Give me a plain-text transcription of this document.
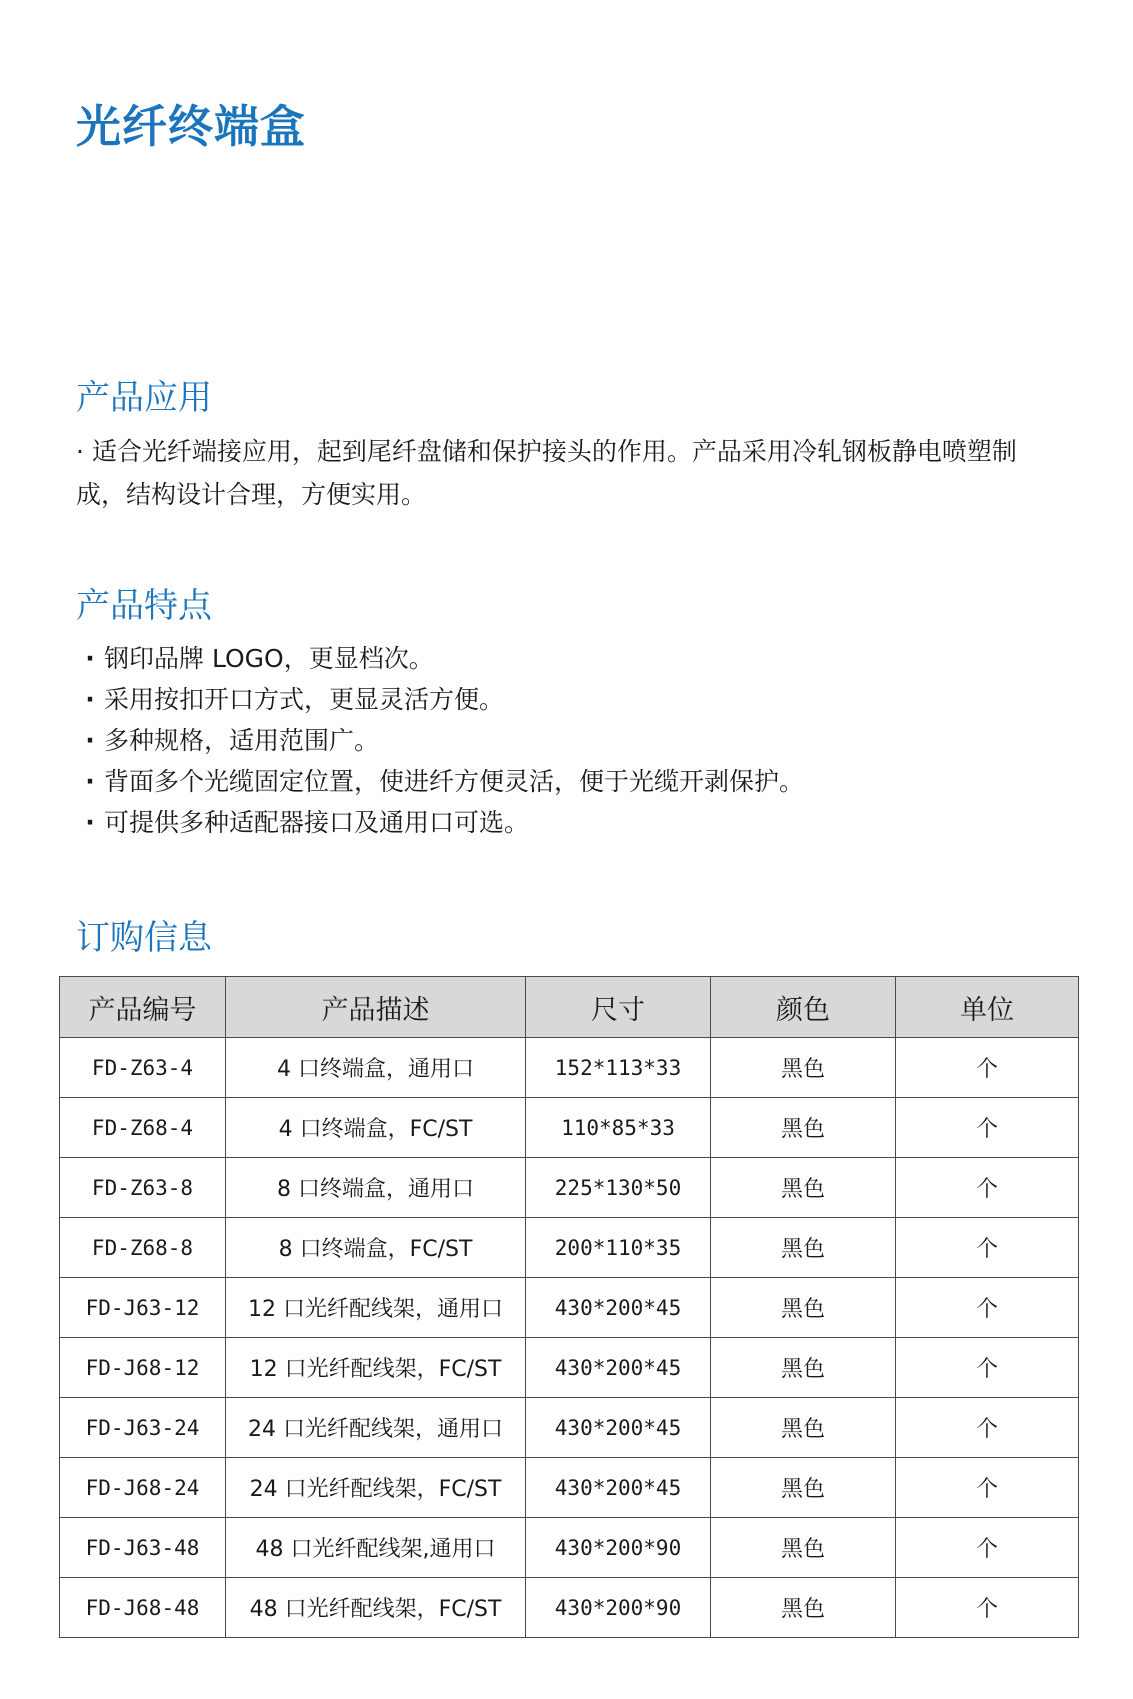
光纤终端盒
产品应用

· 适合光纤端接应用，起到尾纤盘储和保护接头的作用。产品采用冷轧钢板静电喷塑制成，结构设计合理，方便实用。

产品特点
· 钢印品牌 LOGO，更显档次。
· 采用按扣开口方式，更显灵活方便。
· 多种规格，适用范围广。
· 背面多个光缆固定位置，使进纤方便灵活，便于光缆开剥保护。
· 可提供多种适配器接口及通用口可选。
订购信息
产品编号	产品描述	尺寸	颜色	单位
FD-Z63-4	4 口终端盒，通用口	152*113*33	黑色	个
FD-Z68-4	4 口终端盒，FC/ST	110*85*33	黑色	个
FD-Z63-8	8 口终端盒，通用口	225*130*50	黑色	个
FD-Z68-8	8 口终端盒，FC/ST	200*110*35	黑色	个
FD-J63-12	12 口光纤配线架，通用口	430*200*45	黑色	个
FD-J68-12	12 口光纤配线架，FC/ST	430*200*45	黑色	个
FD-J63-24	24 口光纤配线架，通用口	430*200*45	黑色	个
FD-J68-24	24 口光纤配线架，FC/ST	430*200*45	黑色	个
FD-J63-48	48 口光纤配线架,通用口	430*200*90	黑色	个
FD-J68-48	48 口光纤配线架，FC/ST	430*200*90	黑色	个
